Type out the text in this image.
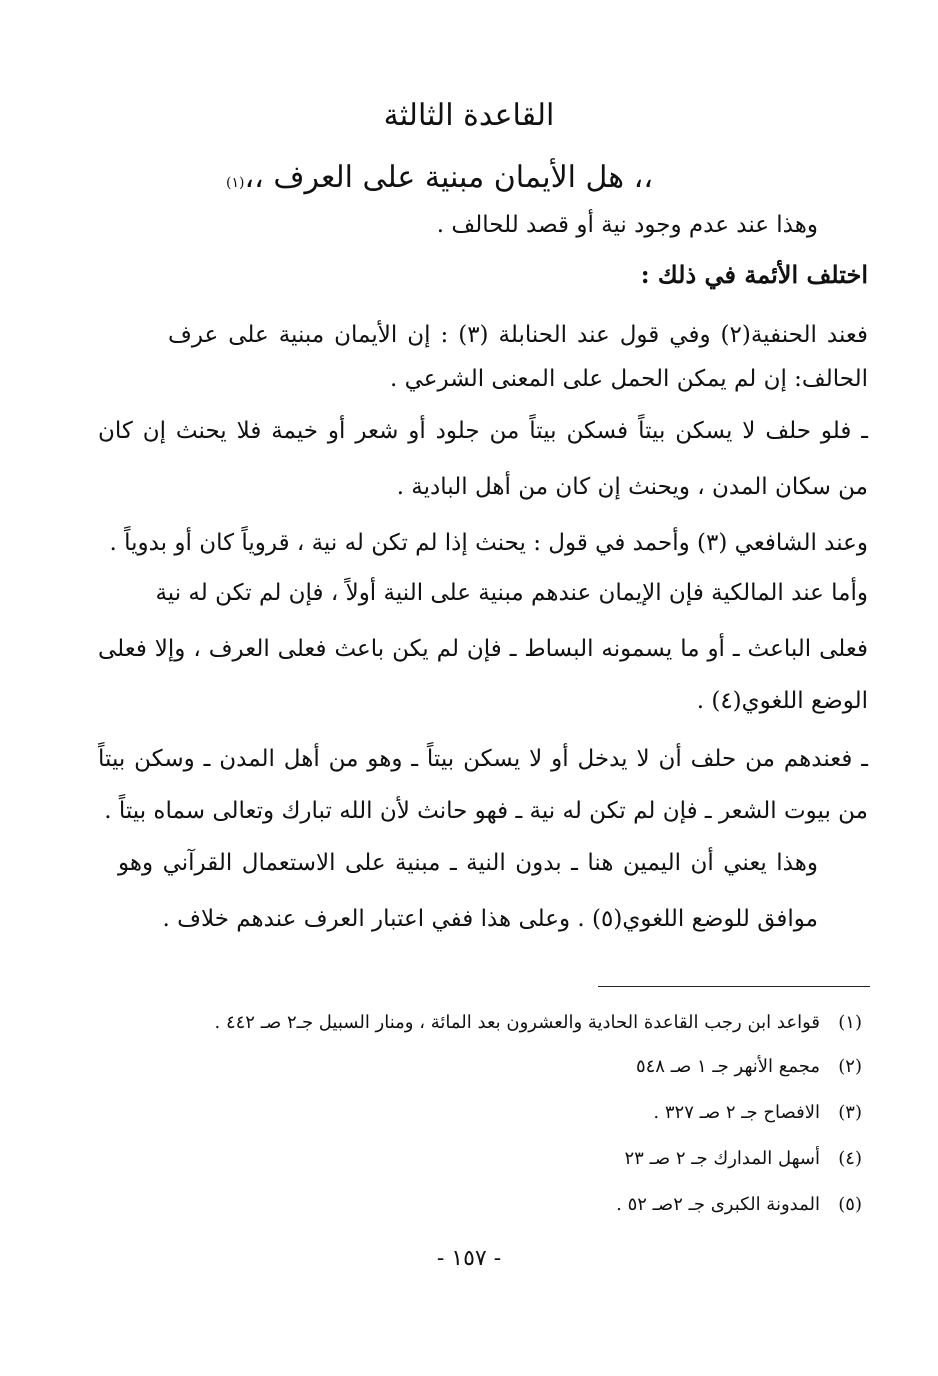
القاعدة الثالثة
،، هل الأيمان مبنية على العرف ،،(١)
وهذا عند عدم وجود نية أو قصد للحالف .
اختلف الأئمة في ذلك :
فعند الحنفية(٢) وفي قول عند الحنابلة (٣) : إن الأيمان مبنية على عرف
الحالف: إن لم يمكن الحمل على المعنى الشرعي .
ـ فلو حلف لا يسكن بيتاً فسكن بيتاً من جلود أو شعر أو خيمة فلا يحنث إن كان
من سكان المدن ، ويحنث إن كان من أهل البادية .
وعند الشافعي (٣) وأحمد في قول : يحنث إذا لم تكن له نية ، قروياً كان أو بدوياً .
وأما عند المالكية فإن الإيمان عندهم مبنية على النية أولاً ، فإن لم تكن له نية
فعلى الباعث ـ أو ما يسمونه البساط ـ فإن لم يكن باعث فعلى العرف ، وإلا فعلى
الوضع اللغوي(٤) .
ـ فعندهم من حلف أن لا يدخل أو لا يسكن بيتاً ـ وهو من أهل المدن ـ وسكن بيتاً
من بيوت الشعر ـ فإن لم تكن له نية ـ فهو حانث لأن الله تبارك وتعالى سماه بيتاً .
وهذا يعني أن اليمين هنا ـ بدون النية ـ مبنية على الاستعمال القرآني وهو
موافق للوضع اللغوي(٥) . وعلى هذا ففي اعتبار العرف عندهم خلاف .
(١)قواعد ابن رجب القاعدة الحادية والعشرون بعد المائة ، ومنار السبيل جـ٢ صـ ٤٤٢ .
(٢)مجمع الأنهر جـ ١ صـ ٥٤٨
(٣)الافصاح جـ ٢ صـ ٣٢٧ .
(٤)أسهل المدارك جـ ٢ صـ ٢٣
(٥)المدونة الكبرى جـ ٢صـ ٥٢ .
- ١٥٧ -
